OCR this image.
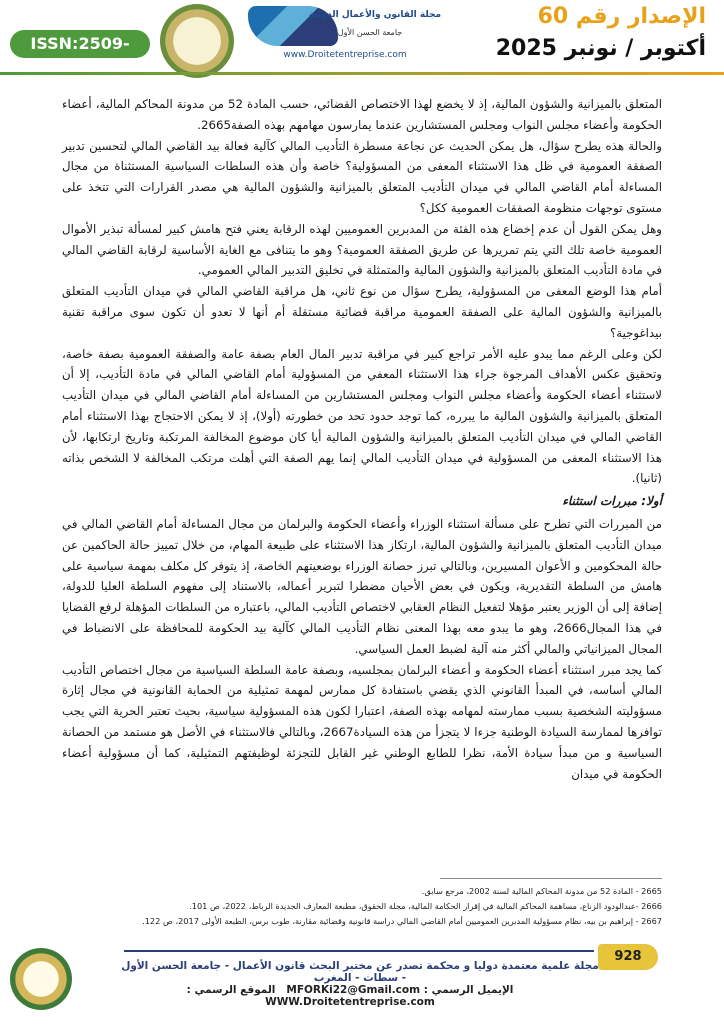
ISSN:2509-
مجلة القانون والأعمال الدولية
جامعة الحسن الأول
www.Droitetentreprise.com
الإصدار رقم 60
أكتوبر / نونبر 2025

المتعلق بالميزانية والشؤون المالية، إذ لا يخضع لهذا الاختصاص القضائي، حسب المادة 52 من مدونة المحاكم المالية، أعضاء الحكومة وأعضاء مجلس النواب ومجلس المستشارين عندما يمارسون مهامهم بهذه الصفة2665.

والحالة هذه يطرح سؤال، هل يمكن الحديث عن نجاعة مسطرة التأديب المالي كآلية فعالة بيد القاضي المالي لتحسين تدبير الصفقة العمومية في ظل هذا الاستثناء المعفى من المسؤولية؟ خاصة وأن هذه السلطات السياسية المستثناة من مجال المساءلة أمام القاضي المالي في ميدان التأديب المتعلق بالميزانية والشؤون المالية هي مصدر القرارات التي تتخذ على مستوى توجهات منظومة الصفقات العمومية ككل؟

وهل يمكن القول أن عدم إخضاع هذه الفئة من المدبرين العموميين لهذه الرقابة يعني فتح هامش كبير لمسألة تبذير الأموال العمومية خاصة تلك التي يتم تمريرها عن طريق الصفقة العمومية؟ وهو ما يتنافى مع الغاية الأساسية لرقابة القاضي المالي في مادة التأديب المتعلق بالميزانية والشؤون المالية والمتمثلة في تخليق التدبير المالي العمومي.

أمام هذا الوضع المعفى من المسؤولية، يطرح سؤال من نوع ثاني، هل مراقبة القاضي المالي في ميدان التأديب المتعلق بالميزانية والشؤون المالية على الصفقة العمومية مراقبة قضائية مستقلة أم أنها لا تعدو أن تكون سوى مراقبة تقنية بيداغوجية؟

لكن وعلى الرغم مما يبدو عليه الأمر تراجع كبير في مراقبة تدبير المال العام بصفة عامة والصفقة العمومية بصفة خاصة، وتحقيق عكس الأهداف المرجوة جراء هذا الاستثناء المعفي من المسؤولية أمام القاضي المالي في مادة التأديب، إلا أن لاستثناء أعضاء الحكومة وأعضاء مجلس النواب ومجلس المستشارين من المساءلة أمام القاضي المالي في ميدان التأديب المتعلق بالميزانية والشؤون المالية ما يبرره، كما توجد حدود تحد من خطورته (أولا)، إذ لا يمكن الاحتجاج بهذا الاستثناء أمام القاضي المالي في ميدان التأديب المتعلق بالميزانية والشؤون المالية أيا كان موضوع المخالفة المرتكبة وتاريخ ارتكابها، لأن هذا الاستثناء المعفى من المسؤولية في ميدان التأديب المالي إنما يهم الصفة التي أهلت مرتكب المخالفة لا الشخص بذاته (ثانيا).

أولا: مبررات استثناء

من المبررات التي تطرح على مسألة استثناء الوزراء وأعضاء الحكومة والبرلمان من مجال المساءلة أمام القاضي المالي في ميدان التأديب المتعلق بالميزانية والشؤون المالية، ارتكاز هذا الاستثناء على طبيعة المهام، من خلال تمييز حالة الحاكمين عن حالة المحكومين و الأعوان المسيرين، وبالتالي تبرز حصانة الوزراء بوضعيتهم الخاصة، إذ يتوفر كل مكلف بمهمة سياسية على هامش من السلطة التقديرية، ويكون في بعض الأحيان مضطرا لتبرير أعماله، بالاستناد إلى مفهوم السلطة العليا للدولة، إضافة إلى أن الوزير يعتبر مؤهلا لتفعيل النظام العقابي لاختصاص التأديب المالي، باعتباره من السلطات المؤهلة لرفع القضايا في هذا المجال2666، وهو ما يبدو معه بهذا المعنى نظام التأديب المالي كآلية بيد الحكومة للمحافظة على الانضباط في المجال الميزانياتي والمالي أكثر منه آلية لضبط العمل السياسي.

كما يجد مبرر استثناء أعضاء الحكومة و أعضاء البرلمان بمجلسيه، وبصفة عامة السلطة السياسية من مجال اختصاص التأديب المالي أساسه، في المبدأ القانوني الذي يقضي باستفادة كل ممارس لمهمة تمثيلية من الحماية القانونية في مجال إثارة مسؤوليته الشخصية بسبب ممارسته لمهامه بهذه الصفة، اعتبارا لكون هذه المسؤولية سياسية، بحيث تعتبر الحرية التي يجب توافرها لممارسة السيادة الوطنية جزءا لا يتجزأ من هذه السيادة2667، وبالتالي فالاستثناء في الأصل هو مستمد من الحصانة السياسية و من مبدأ سيادة الأمة، نظرا للطابع الوطني غير القابل للتجزئة لوظيفتهم التمثيلية، كما أن مسؤولية أعضاء الحكومة في ميدان

2665 - المادة 52 من مدونة المحاكم المالية لسنة 2002، مرجع سابق.
2666 -عبدالودود الزناع، مساهمة المحاكم المالية في إقرار الحكامة المالية، مجلة الحقوق، مطبعة المعارف الجديدة الرباط، 2022، ص 101.
2667 - إبراهيم بن بيه، نظام مسؤولية المدبرين العموميين أمام القاضي المالي دراسة قانونية وقضائية مقارنة، طوب برس، الطبعة الأولى 2017، ص 122.
928
مجلة علمية معتمدة دوليا و محكمة تصدر عن مختبر البحث قانون الأعمال - جامعة الحسن الأول - سطات - المغرب
الإيميل الرسمي : MFORKi22@Gmail.com   الموقع الرسمي : WWW.Droitetentreprise.com
